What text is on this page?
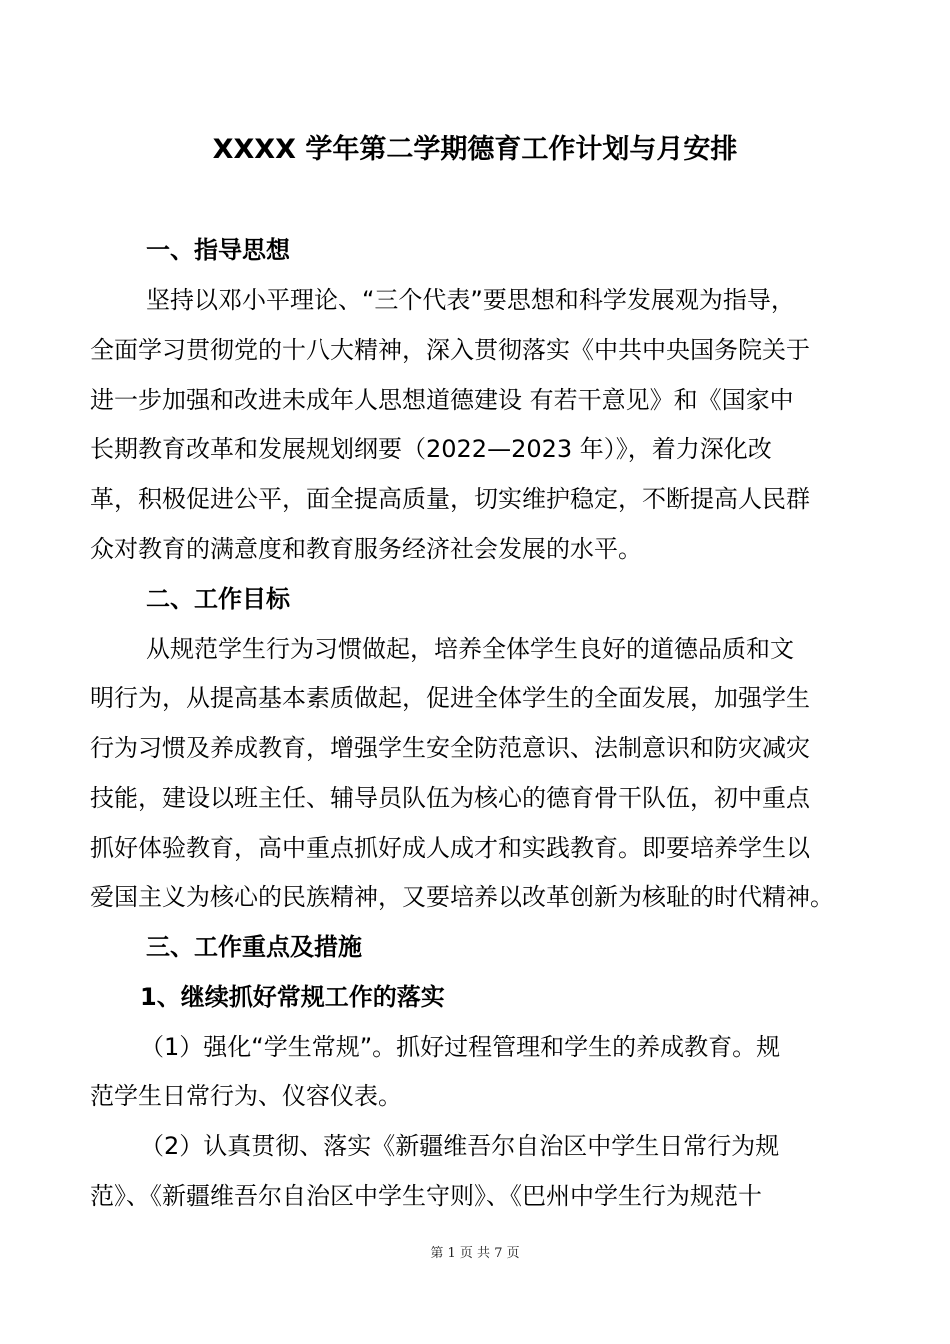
XXXX 学年第二学期德育工作计划与月安排
一、指导思想
坚持以邓小平理论、“三个代表”要思想和科学发展观为指导，
全面学习贯彻党的十八大精神，深入贯彻落实《中共中央国务院关于
进一步加强和改进未成年人思想道德建设 有若干意见》和《国家中
长期教育改革和发展规划纲要（2022—2023 年）》，着力深化改
革，积极促进公平，面全提高质量，切实维护稳定，不断提高人民群
众对教育的满意度和教育服务经济社会发展的水平。
二、工作目标
从规范学生行为习惯做起，培养全体学生良好的道德品质和文
明行为，从提高基本素质做起，促进全体学生的全面发展，加强学生
行为习惯及养成教育，增强学生安全防范意识、法制意识和防灾减灾
技能，建设以班主任、辅导员队伍为核心的德育骨干队伍，初中重点
抓好体验教育，高中重点抓好成人成才和实践教育。即要培养学生以
爱国主义为核心的民族精神，又要培养以改革创新为核耻的时代精神。
三、工作重点及措施
1、继续抓好常规工作的落实
（1）强化“学生常规”。抓好过程管理和学生的养成教育。规
范学生日常行为、仪容仪表。
（2）认真贯彻、落实《新疆维吾尔自治区中学生日常行为规
范》、《新疆维吾尔自治区中学生守则》、《巴州中学生行为规范十
第 1 页 共 7 页
